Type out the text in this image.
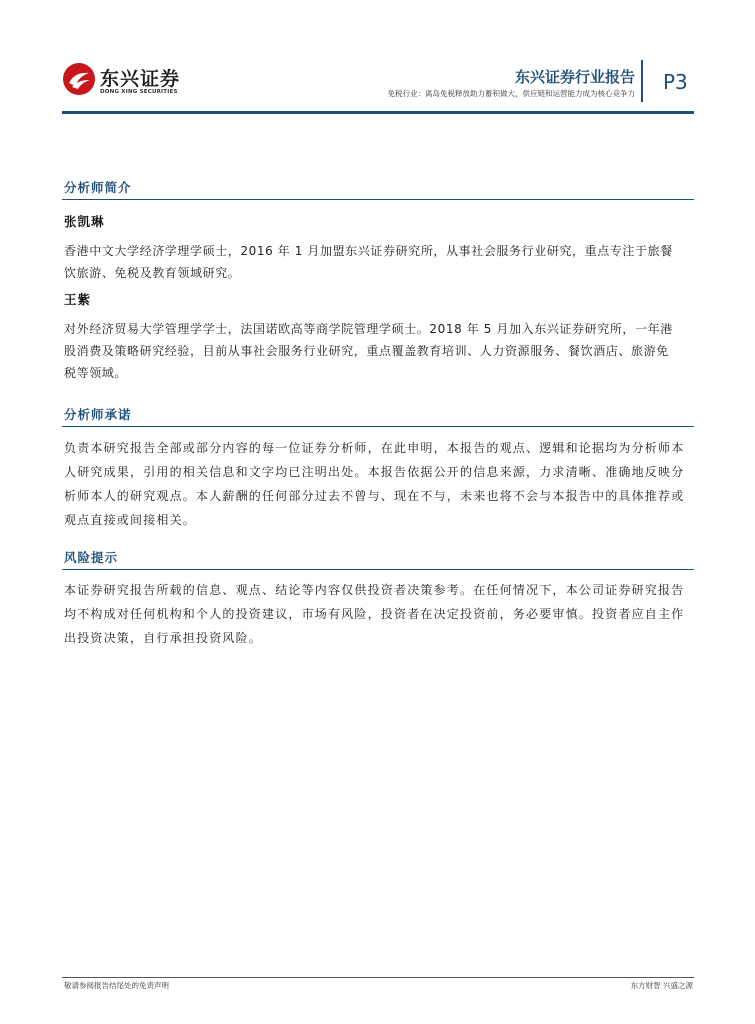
东兴证券
DONG XING SECURITIES
东兴证券行业报告
免税行业：离岛免税释放助力蓄积做大，供应链和运营能力成为核心竞争力 P3
分析师简介
张凯琳
香港中文大学经济学理学硕士，2016 年 1 月加盟东兴证券研究所，从事社会服务行业研究，重点专注于旅餐饮旅游、免税及教育领域研究。
王紫
对外经济贸易大学管理学学士，法国诺欧高等商学院管理学硕士。2018 年 5 月加入东兴证券研究所，一年港股消费及策略研究经验，目前从事社会服务行业研究，重点覆盖教育培训、人力资源服务、餐饮酒店、旅游免税等领域。
分析师承诺
负责本研究报告全部或部分内容的每一位证券分析师，在此申明，本报告的观点、逻辑和论据均为分析师本人研究成果，引用的相关信息和文字均已注明出处。本报告依据公开的信息来源，力求清晰、准确地反映分析师本人的研究观点。本人薪酬的任何部分过去不曾与、现在不与，未来也将不会与本报告中的具体推荐或观点直接或间接相关。
风险提示
本证券研究报告所载的信息、观点、结论等内容仅供投资者决策参考。在任何情况下，本公司证券研究报告均不构成对任何机构和个人的投资建议，市场有风险，投资者在决定投资前，务必要审慎。投资者应自主作出投资决策，自行承担投资风险。
敬请参阅报告结尾处的免责声明	东方财智 兴盛之源
